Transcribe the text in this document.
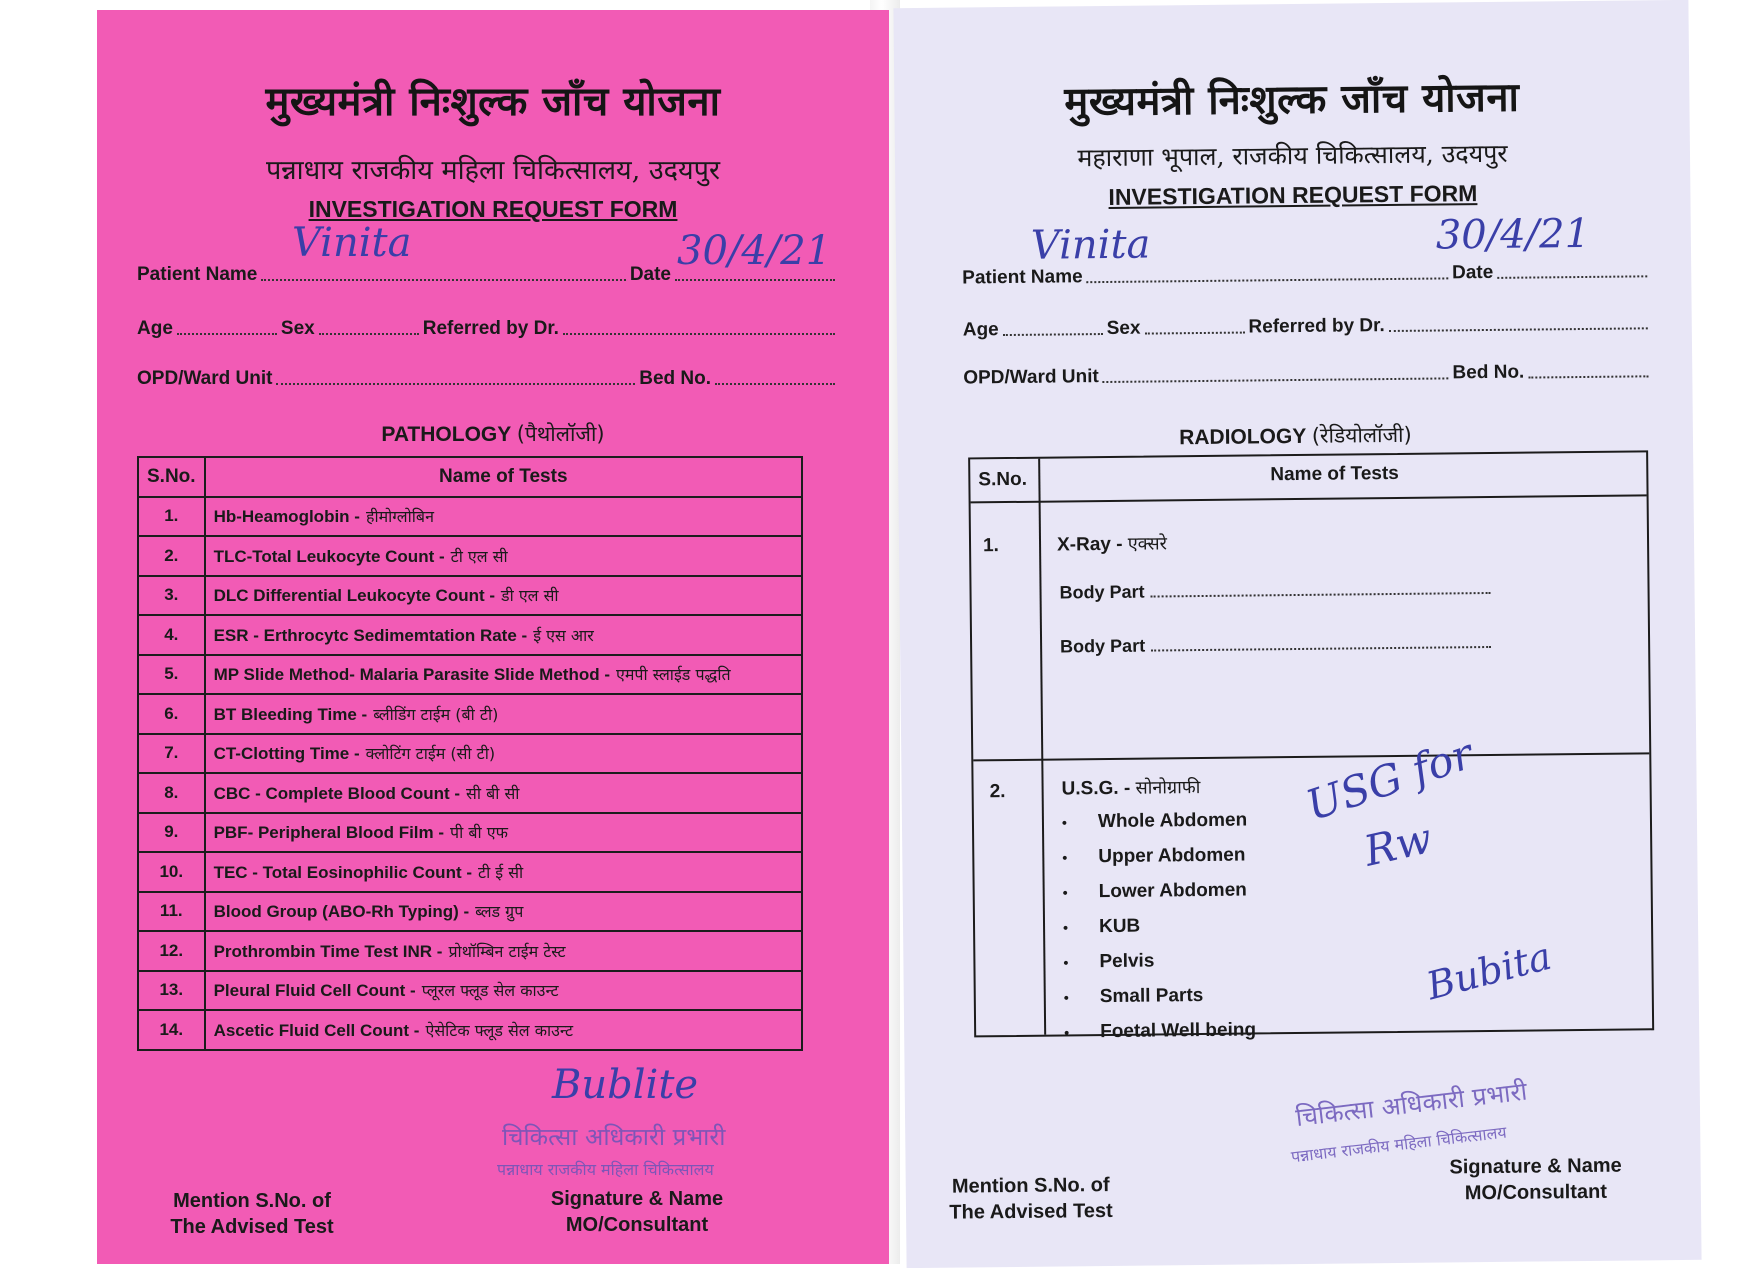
मुख्यमंत्री निःशुल्क जाँच योजना
पन्नाधाय राजकीय महिला चिकित्सालय, उदयपुर
INVESTIGATION REQUEST FORM
Patient Name	Date
Vinita	30/4/21
Age	Sex	Referred by Dr.
OPD/Ward Unit	Bed No.
PATHOLOGY (पैथोलॉजी)
S.No.	Name of Tests
1.	Hb-Heamoglobin - हीमोग्लोबिन
2.	TLC-Total Leukocyte Count - टी एल सी
3.	DLC Differential Leukocyte Count - डी एल सी
4.	ESR - Erthrocytc Sedimemtation Rate - ई एस आर
5.	MP Slide Method- Malaria Parasite Slide Method - एमपी स्लाईड पद्धति
6.	BT Bleeding Time - ब्लीडिंग टाईम (बी टी)
7.	CT-Clotting Time - क्लोटिंग टाईम (सी टी)
8.	CBC - Complete Blood Count - सी बी सी
9.	PBF- Peripheral Blood Film - पी बी एफ
10.	TEC - Total Eosinophilic Count - टी ई सी
11.	Blood Group (ABO-Rh Typing) - ब्लड ग्रुप
12.	Prothrombin Time Test INR - प्रोथॉम्बिन टाईम टेस्ट
13.	Pleural Fluid Cell Count - प्लूरल फ्लूड सेल काउन्ट
14.	Ascetic Fluid Cell Count - ऐसेटिक फ्लूड सेल काउन्ट
Bublite
चिकित्सा अधिकारी प्रभारी
पन्नाधाय राजकीय महिला चिकित्सालय
Mention S.No. of
The Advised Test
Signature & Name
MO/Consultant
मुख्यमंत्री निःशुल्क जाँच योजना
महाराणा भूपाल, राजकीय चिकित्सालय, उदयपुर
INVESTIGATION REQUEST FORM
Patient Name	Date
Vinita	30/4/21
Age	Sex	Referred by Dr.
OPD/Ward Unit	Bed No.
RADIOLOGY (रेडियोलॉजी)
S.No.	Name of Tests
1.	X-Ray - एक्सरे
Body Part
Body Part
2.	U.S.G. - सोनोग्राफी
•	Whole Abdomen
•	Upper Abdomen
•	Lower Abdomen
•	KUB
•	Pelvis
•	Small Parts
•	Foetal Well being
USG for
Rw
Bubita
चिकित्सा अधिकारी प्रभारी
पन्नाधाय राजकीय महिला चिकित्सालय
Mention S.No. of
The Advised Test
Signature & Name
MO/Consultant
